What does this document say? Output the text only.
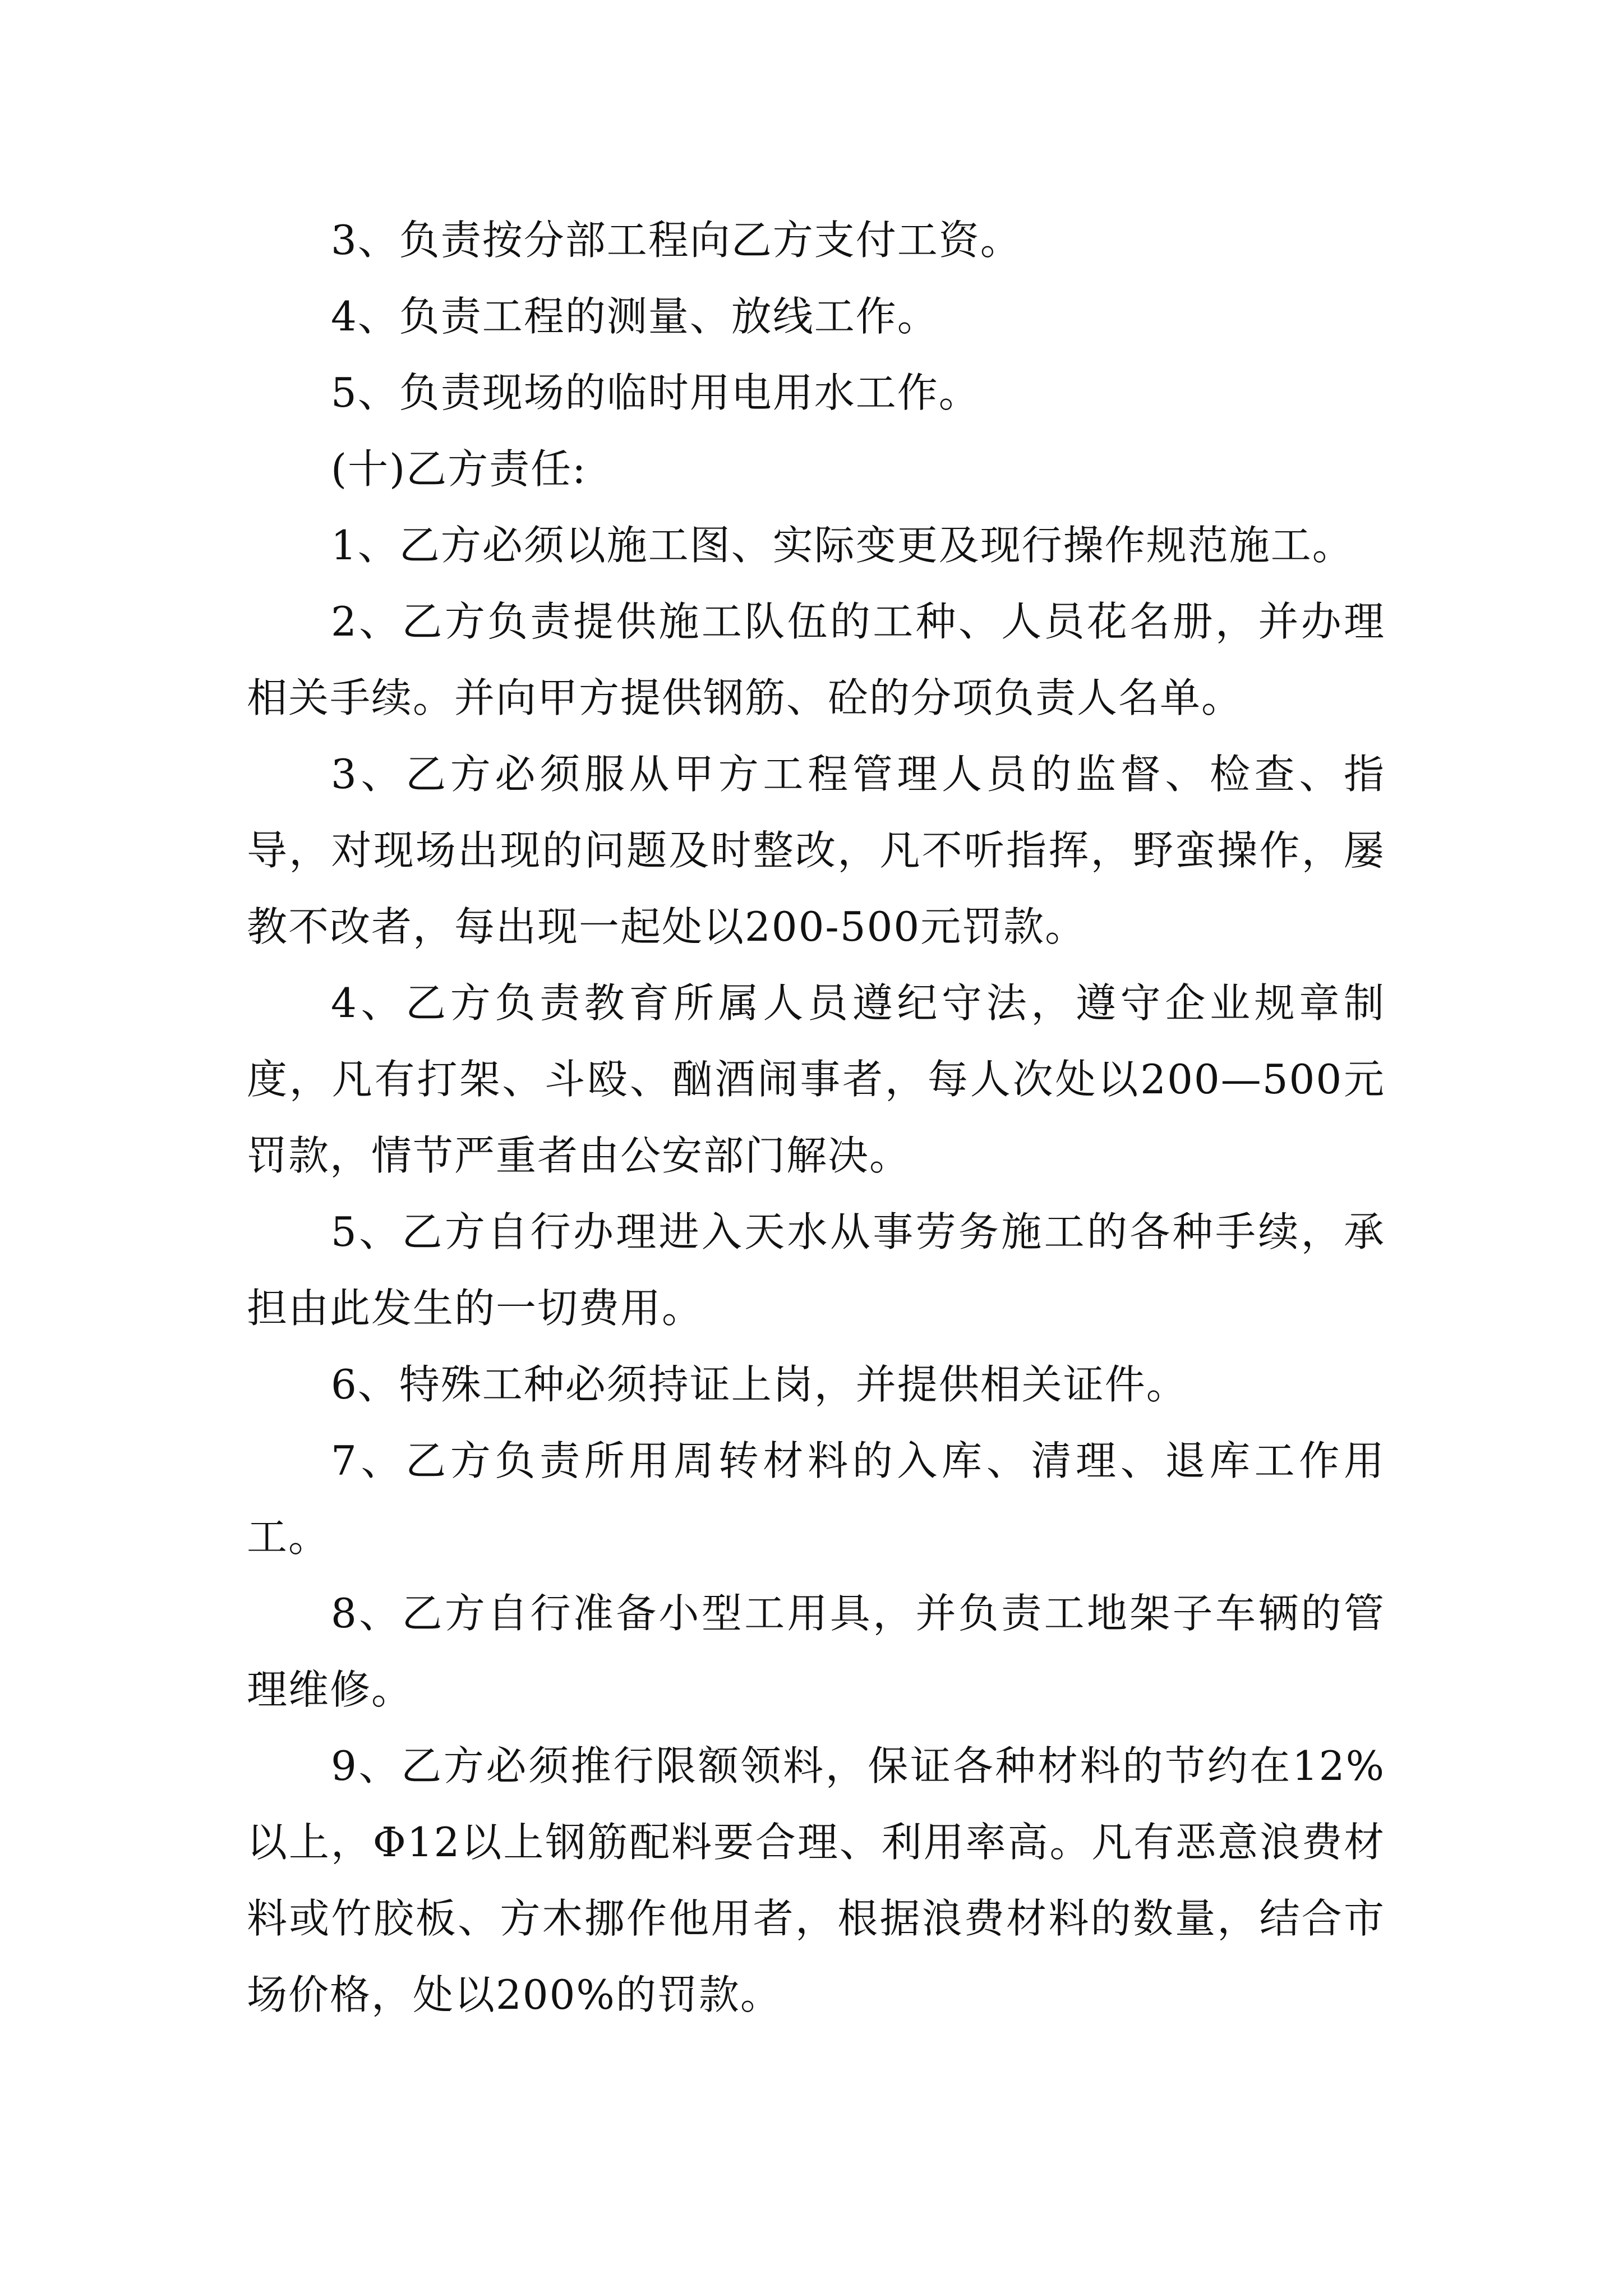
3、负责按分部工程向乙方支付工资。

4、负责工程的测量、放线工作。

5、负责现场的临时用电用水工作。

(十)乙方责任:

1、乙方必须以施工图、实际变更及现行操作规范施工。

2、乙方负责提供施工队伍的工种、人员花名册，并办理相关手续。并向甲方提供钢筋、砼的分项负责人名单。

3、乙方必须服从甲方工程管理人员的监督、检查、指导，对现场出现的问题及时整改，凡不听指挥，野蛮操作，屡教不改者，每出现一起处以200-500元罚款。

4、乙方负责教育所属人员遵纪守法，遵守企业规章制度，凡有打架、斗殴、酗酒闹事者，每人次处以200—500元罚款，情节严重者由公安部门解决。

5、乙方自行办理进入天水从事劳务施工的各种手续，承担由此发生的一切费用。

6、特殊工种必须持证上岗，并提供相关证件。

7、乙方负责所用周转材料的入库、清理、退库工作用工。

8、乙方自行准备小型工用具，并负责工地架子车辆的管理维修。

9、乙方必须推行限额领料，保证各种材料的节约在12%以上，Φ12以上钢筋配料要合理、利用率高。凡有恶意浪费材料或竹胶板、方木挪作他用者，根据浪费材料的数量，结合市场价格，处以200%的罚款。
